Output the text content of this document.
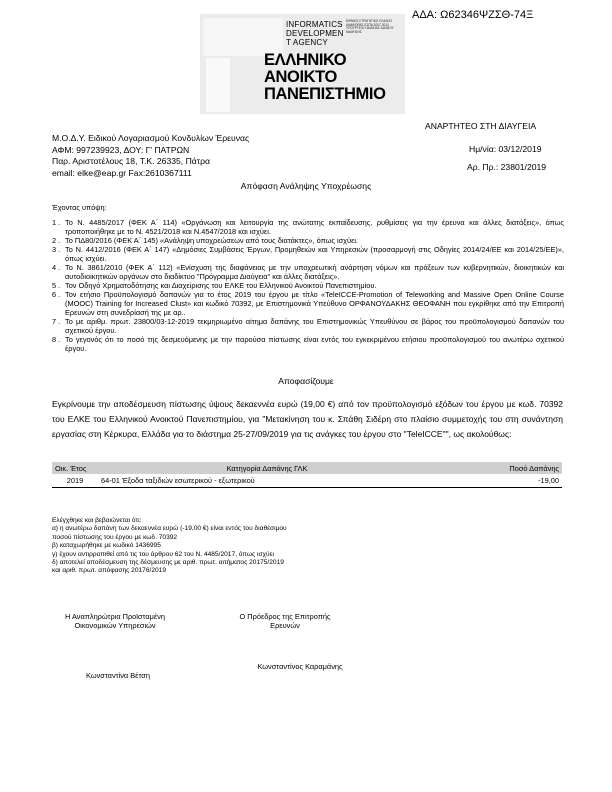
ΑΔΑ: Ω62346ΨΖΣΘ-74Ξ
INFORMATICS
DEVELOPMEN
T AGENCY
ΕΘΝΙΚΟ ΣΤΡΑΤΗΓΙΚΟ ΠΛΑΙΣΙΟ ΑΝΑΦΟΡΑΣ ΕΣΠΑ 2007-2013 ΥΠΟΥΡΓΕΙΟ ΠΑΙΔΕΙΑΣ ΔΙΑ ΒΙΟΥ ΜΑΘΗΣΗΣ
ΕΛΛΗΝΙΚΟ
ΑΝΟΙΚΤΟ
ΠΑΝΕΠΙΣΤΗΜΙΟ
ΑΝΑΡΤΗΤΕΟ ΣΤΗ ΔΙΑΥΓΕΙΑ
Μ.Ο.Δ.Υ. Ειδικού Λογαριασμού Κονδυλίων Έρευνας
ΑΦΜ: 997239923, ΔΟΥ: Γ' ΠΑΤΡΩΝ
Παρ. Αριστοτέλους 18, Τ.Κ. 26335, Πάτρα
email: elke@eap.gr Fax:2610367111
Ημ/νία: 03/12/2019
Αρ. Πρ.: 23801/2019
Απόφαση Ανάληψης Υποχρέωσης
Έχοντας υπόψη:
1 . Το Ν. 4485/2017 (ΦΕΚ Α΄ 114) «Οργάνωση και λειτουργία της ανώτατης εκπαίδευσης, ρυθμίσεις για την έρευνα και άλλες διατάξεις», όπως τροποποιήθηκε με το Ν. 4521/2018 και Ν.4547/2018 και ισχύει.
2 . Το ΠΔ80/2016 (ΦΕΚ Α΄ 145) «Ανάληψη υποχρεώσεων από τους διατάκτες», όπως ισχύει.
3 . Το Ν. 4412/2016 (ΦΕΚ Α΄ 147) «Δημόσιες Συμβάσεις Έργων, Προμηθειών και Υπηρεσιών (προσαρμογή στις Οδηγίες 2014/24/ΕΕ και 2014/25/ΕΕ)», όπως ισχύει.
4 . Το Ν. 3861/2010 (ΦΕΚ Α΄ 112) «Ενίσχυση της διαφάνειας με την υποχρεωτική ανάρτηση νόμων και πράξεων των κυβερνητικών, διοικητικών και αυτοδιοικητικών οργάνων στο διαδίκτυο "Πρόγραμμα Διαύγεια" και άλλες διατάξεις».
5 . Τον Οδηγό Χρηματοδότησης και Διαχείρισης του ΕΛΚΕ του Ελληνικού Ανοικτού Πανεπιστημίου.
6 . Τον ετήσιο Προϋπολογισμό δαπανών για το έτος 2019 του έργου με τίτλο «TeleICCE-Promotion of Teleworking and Massive Open Online Course (MOOC) Training for Increased Clust» και κωδικό 70392, με Επιστημονικά Υπεύθυνο ΟΡΦΑΝΟΥΔΑΚΗΣ ΘΕΟΦΑΝΗ που εγκρίθηκε από την Επιτροπή Ερευνών στη συνεδρίασή της με αρ..
7 . Το με αριθμ. πρωτ. 23800/03-12-2019 τεκμηριωμένο αίτημα δαπάνης του Επιστημονικώς Υπευθύνου σε βάρος του προϋπολογισμού δαπανών του σχετικού έργου.
8 . Το γεγονός ότι το ποσό της δεσμευόμενης με την παρούσα πίστωσης είναι εντός του εγκεκριμένου ετήσιου προϋπολογισμού του ανωτέρω σχετικού έργου.
Αποφασίζουμε
Εγκρίνουμε την αποδέσμευση πίστωσης ύψους δεκαεννέα ευρώ (19,00 €) από τον προϋπολογισμό εξόδων του έργου με κωδ. 70392 του ΕΛΚΕ του Ελληνικού Ανοικτού Πανεπιστημίου, για "Μετακίνηση του κ. Σπάθη Σιδέρη στο πλαίσιο συμμετοχής του στη συνάντηση εργασίας στη Κέρκυρα, Ελλάδα για το διάστημα 25-27/09/2019 για τις ανάγκες του έργου στο "TeleICCE"", ως ακολούθως:
Οικ. Έτος	Κατηγορία Δαπάνης ΓΛΚ	Ποσό Δαπάνης
2019	64-01 Έξοδα ταξιδιών εσωτερικού - εξωτερικού	-19,00
Ελέγχθηκε και βεβαιώνεται ότι:
α) η ανωτέρω δαπάνη των δεκαεννέα ευρώ (-19,00 €) είναι εντός του διαθέσιμου
ποσού πίστωσης του έργου με κωδ. 70392
β) καταχωρήθηκε με κωδικό 1436995
γ) έχουν αντιρροπιθεί από τις του άρθρου 62 του Ν. 4485/2017, όπως ισχύει
δ) αποτελεί αποδέσμευση της δέσμευσης με αριθ. πρωτ. αιτήματος 20175/2019
και αριθ. πρωτ. απόφασης 20176/2019
Η Αναπληρώτρια Προϊσταμένη
Οικονομικών Υπηρεσιών
Ο Πρόεδρος της Επιτροπής
Ερευνών
Κωνσταντίνος Καραμάνης
Κωνσταντίνα Βέτση
